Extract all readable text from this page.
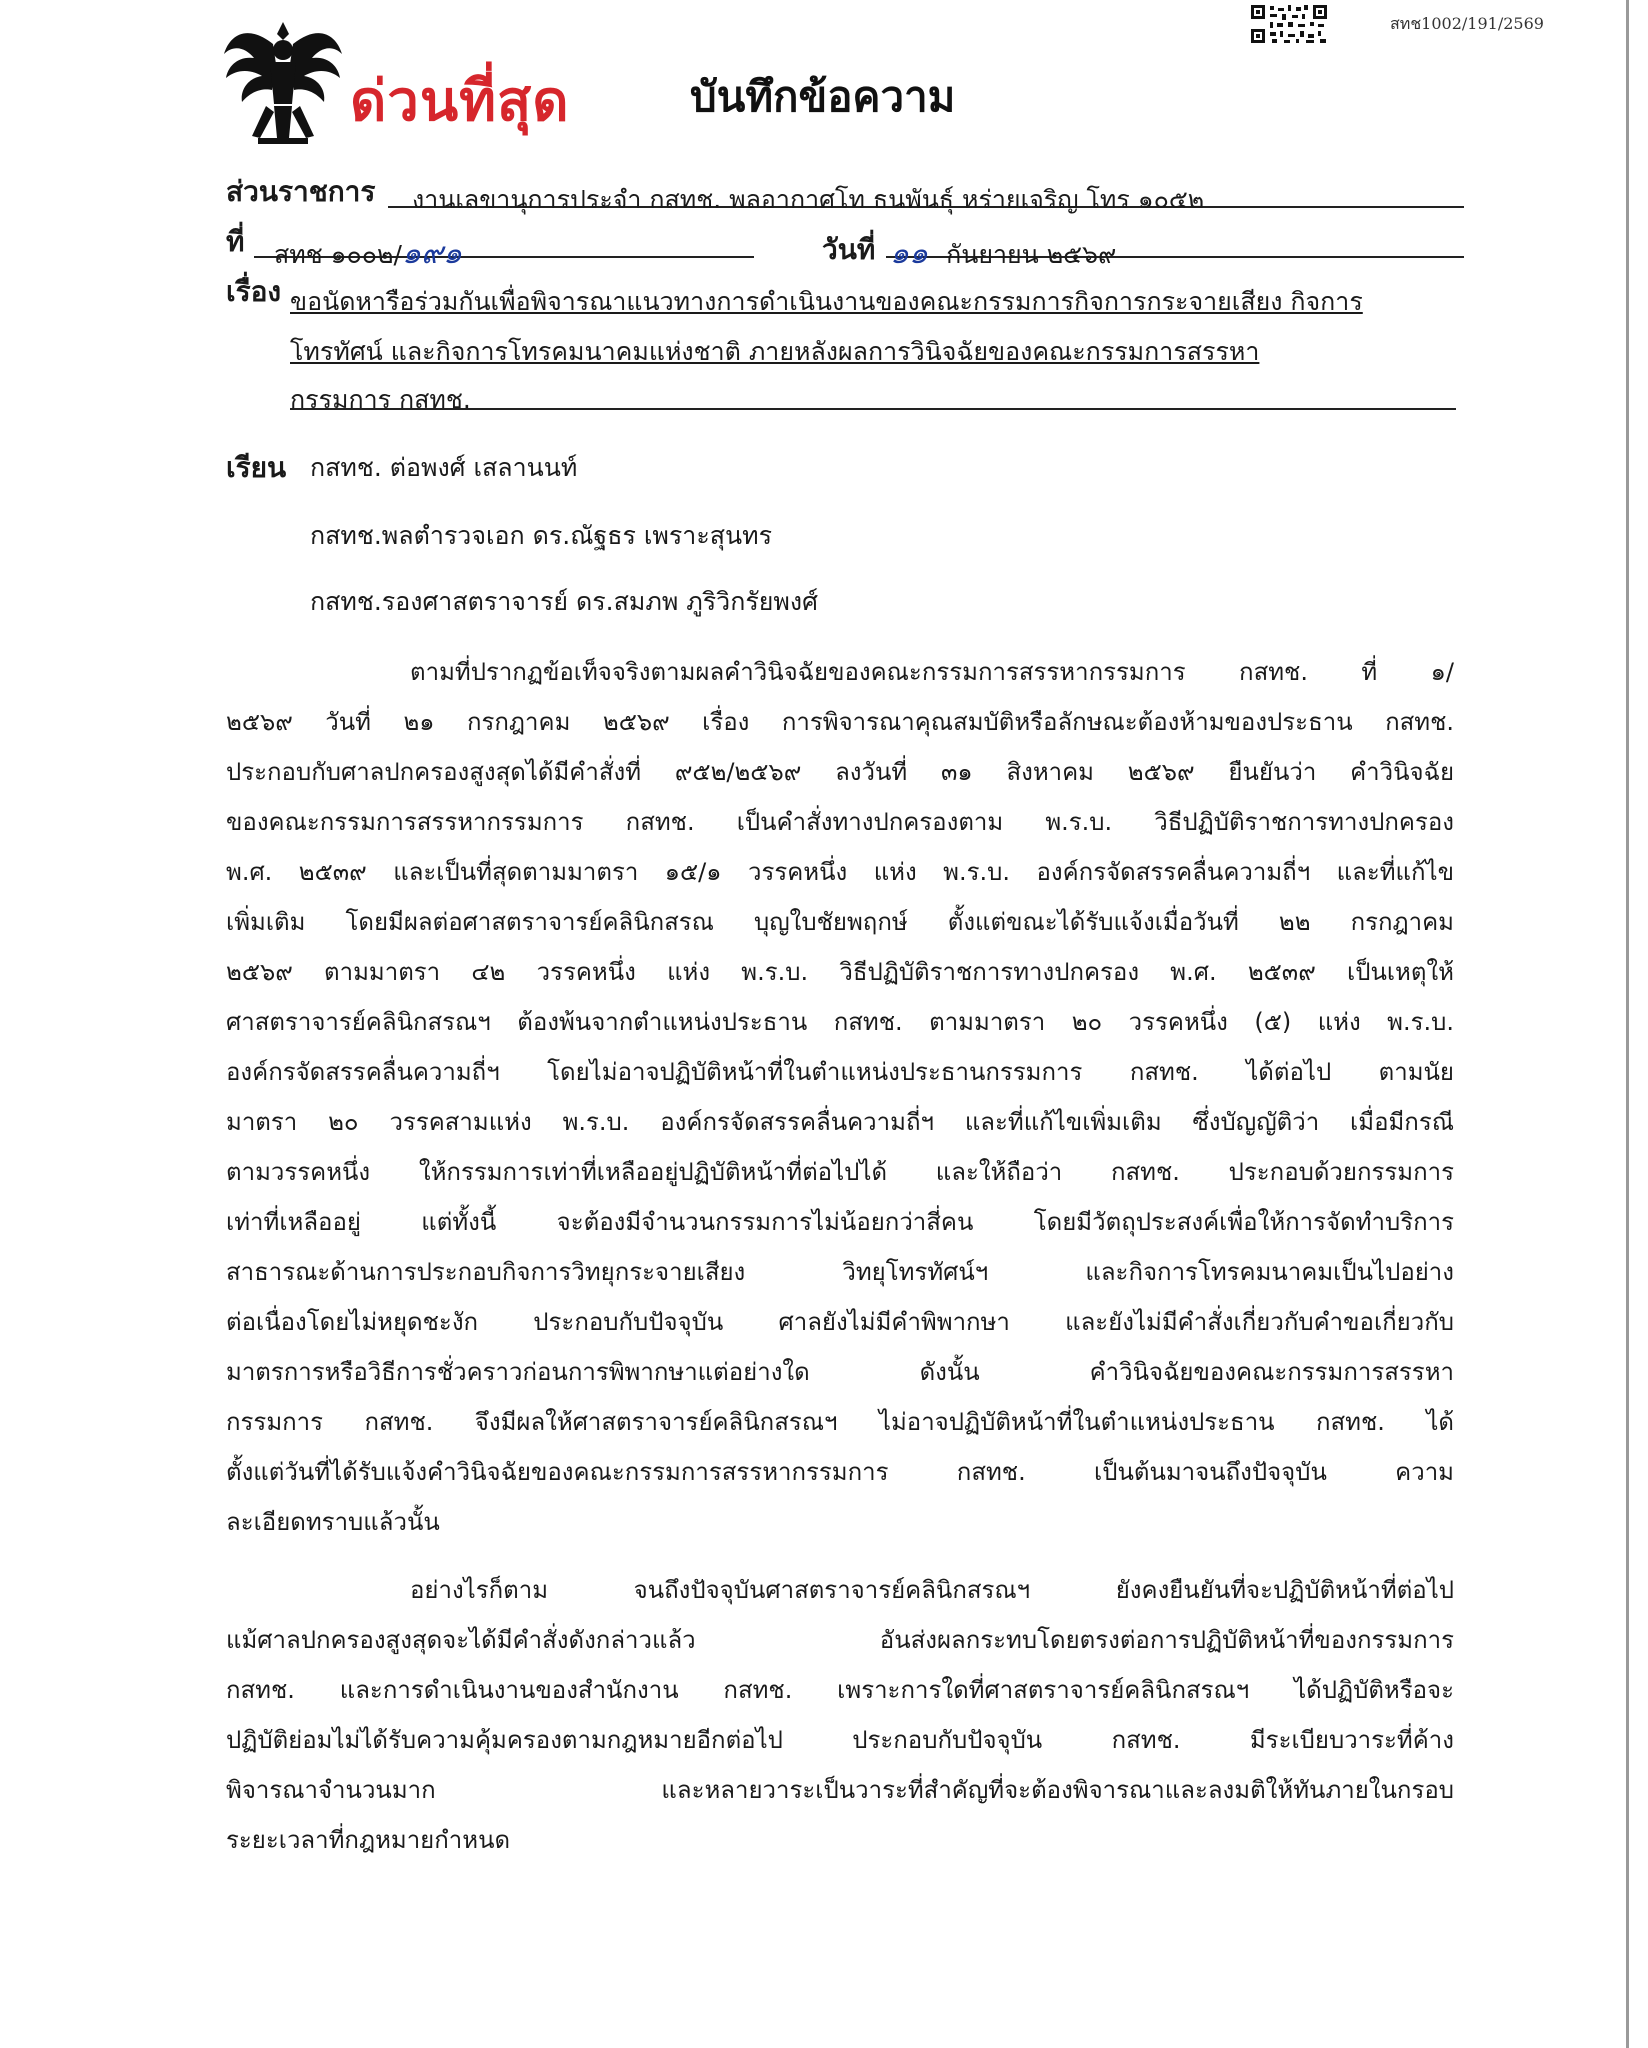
ด่วนที่สุด	บันทึกข้อความ
สทช1002/191/2569
ส่วนราชการ งานเลขานุการประจำ กสทช. พลอากาศโท ธนพันธุ์ หร่ายเจริญ โทร ๑๐๕๒
ที่ สทช ๑๐๐๒/๑๙๑	วันที่ ๑๑ กันยายน ๒๕๖๙
เรื่อง ขอนัดหารือร่วมกันเพื่อพิจารณาแนวทางการดำเนินงานของคณะกรรมการกิจการกระจายเสียง กิจการ
โทรทัศน์ และกิจการโทรคมนาคมแห่งชาติ ภายหลังผลการวินิจฉัยของคณะกรรมการสรรหา
กรรมการ กสทช.
เรียน กสทช. ต่อพงศ์ เสลานนท์
กสทช.พลตำรวจเอก ดร.ณัฐธร เพราะสุนทร
กสทช.รองศาสตราจารย์ ดร.สมภพ ภูริวิกรัยพงศ์
ตามที่ปรากฏข้อเท็จจริงตามผลคำวินิจฉัยของคณะกรรมการสรรหากรรมการ กสทช. ที่ ๑/
๒๕๖๙ วันที่ ๒๑ กรกฎาคม ๒๕๖๙ เรื่อง การพิจารณาคุณสมบัติหรือลักษณะต้องห้ามของประธาน กสทช.
ประกอบกับศาลปกครองสูงสุดได้มีคำสั่งที่ ๙๕๒/๒๕๖๙ ลงวันที่ ๓๑ สิงหาคม ๒๕๖๙ ยืนยันว่า คำวินิจฉัย
ของคณะกรรมการสรรหากรรมการ กสทช. เป็นคำสั่งทางปกครองตาม พ.ร.บ. วิธีปฏิบัติราชการทางปกครอง
พ.ศ. ๒๕๓๙ และเป็นที่สุดตามมาตรา ๑๕/๑ วรรคหนึ่ง แห่ง พ.ร.บ. องค์กรจัดสรรคลื่นความถี่ฯ และที่แก้ไข
เพิ่มเติม โดยมีผลต่อศาสตราจารย์คลินิกสรณ บุญใบชัยพฤกษ์ ตั้งแต่ขณะได้รับแจ้งเมื่อวันที่ ๒๒ กรกฎาคม
๒๕๖๙ ตามมาตรา ๔๒ วรรคหนึ่ง แห่ง พ.ร.บ. วิธีปฏิบัติราชการทางปกครอง พ.ศ. ๒๕๓๙ เป็นเหตุให้
ศาสตราจารย์คลินิกสรณฯ ต้องพ้นจากตำแหน่งประธาน กสทช. ตามมาตรา ๒๐ วรรคหนึ่ง (๕) แห่ง พ.ร.บ.
องค์กรจัดสรรคลื่นความถี่ฯ โดยไม่อาจปฏิบัติหน้าที่ในตำแหน่งประธานกรรมการ กสทช. ได้ต่อไป ตามนัย
มาตรา ๒๐ วรรคสามแห่ง พ.ร.บ. องค์กรจัดสรรคลื่นความถี่ฯ และที่แก้ไขเพิ่มเติม ซึ่งบัญญัติว่า เมื่อมีกรณี
ตามวรรคหนึ่ง ให้กรรมการเท่าที่เหลืออยู่ปฏิบัติหน้าที่ต่อไปได้ และให้ถือว่า กสทช. ประกอบด้วยกรรมการ
เท่าที่เหลืออยู่ แต่ทั้งนี้ จะต้องมีจำนวนกรรมการไม่น้อยกว่าสี่คน โดยมีวัตถุประสงค์เพื่อให้การจัดทำบริการ
สาธารณะด้านการประกอบกิจการวิทยุกระจายเสียง วิทยุโทรทัศน์ฯ และกิจการโทรคมนาคมเป็นไปอย่าง
ต่อเนื่องโดยไม่หยุดชะงัก ประกอบกับปัจจุบัน ศาลยังไม่มีคำพิพากษา และยังไม่มีคำสั่งเกี่ยวกับคำขอเกี่ยวกับ
มาตรการหรือวิธีการชั่วคราวก่อนการพิพากษาแต่อย่างใด ดังนั้น คำวินิจฉัยของคณะกรรมการสรรหา
กรรมการ กสทช. จึงมีผลให้ศาสตราจารย์คลินิกสรณฯ ไม่อาจปฏิบัติหน้าที่ในตำแหน่งประธาน กสทช. ได้
ตั้งแต่วันที่ได้รับแจ้งคำวินิจฉัยของคณะกรรมการสรรหากรรมการ กสทช. เป็นต้นมาจนถึงปัจจุบัน ความ
ละเอียดทราบแล้วนั้น
อย่างไรก็ตาม จนถึงปัจจุบันศาสตราจารย์คลินิกสรณฯ ยังคงยืนยันที่จะปฏิบัติหน้าที่ต่อไป
แม้ศาลปกครองสูงสุดจะได้มีคำสั่งดังกล่าวแล้ว อันส่งผลกระทบโดยตรงต่อการปฏิบัติหน้าที่ของกรรมการ
กสทช. และการดำเนินงานของสำนักงาน กสทช. เพราะการใดที่ศาสตราจารย์คลินิกสรณฯ ได้ปฏิบัติหรือจะ
ปฏิบัติย่อมไม่ได้รับความคุ้มครองตามกฎหมายอีกต่อไป ประกอบกับปัจจุบัน กสทช. มีระเบียบวาระที่ค้าง
พิจารณาจำนวนมาก และหลายวาระเป็นวาระที่สำคัญที่จะต้องพิจารณาและลงมติให้ทันภายในกรอบ
ระยะเวลาที่กฎหมายกำหนด
